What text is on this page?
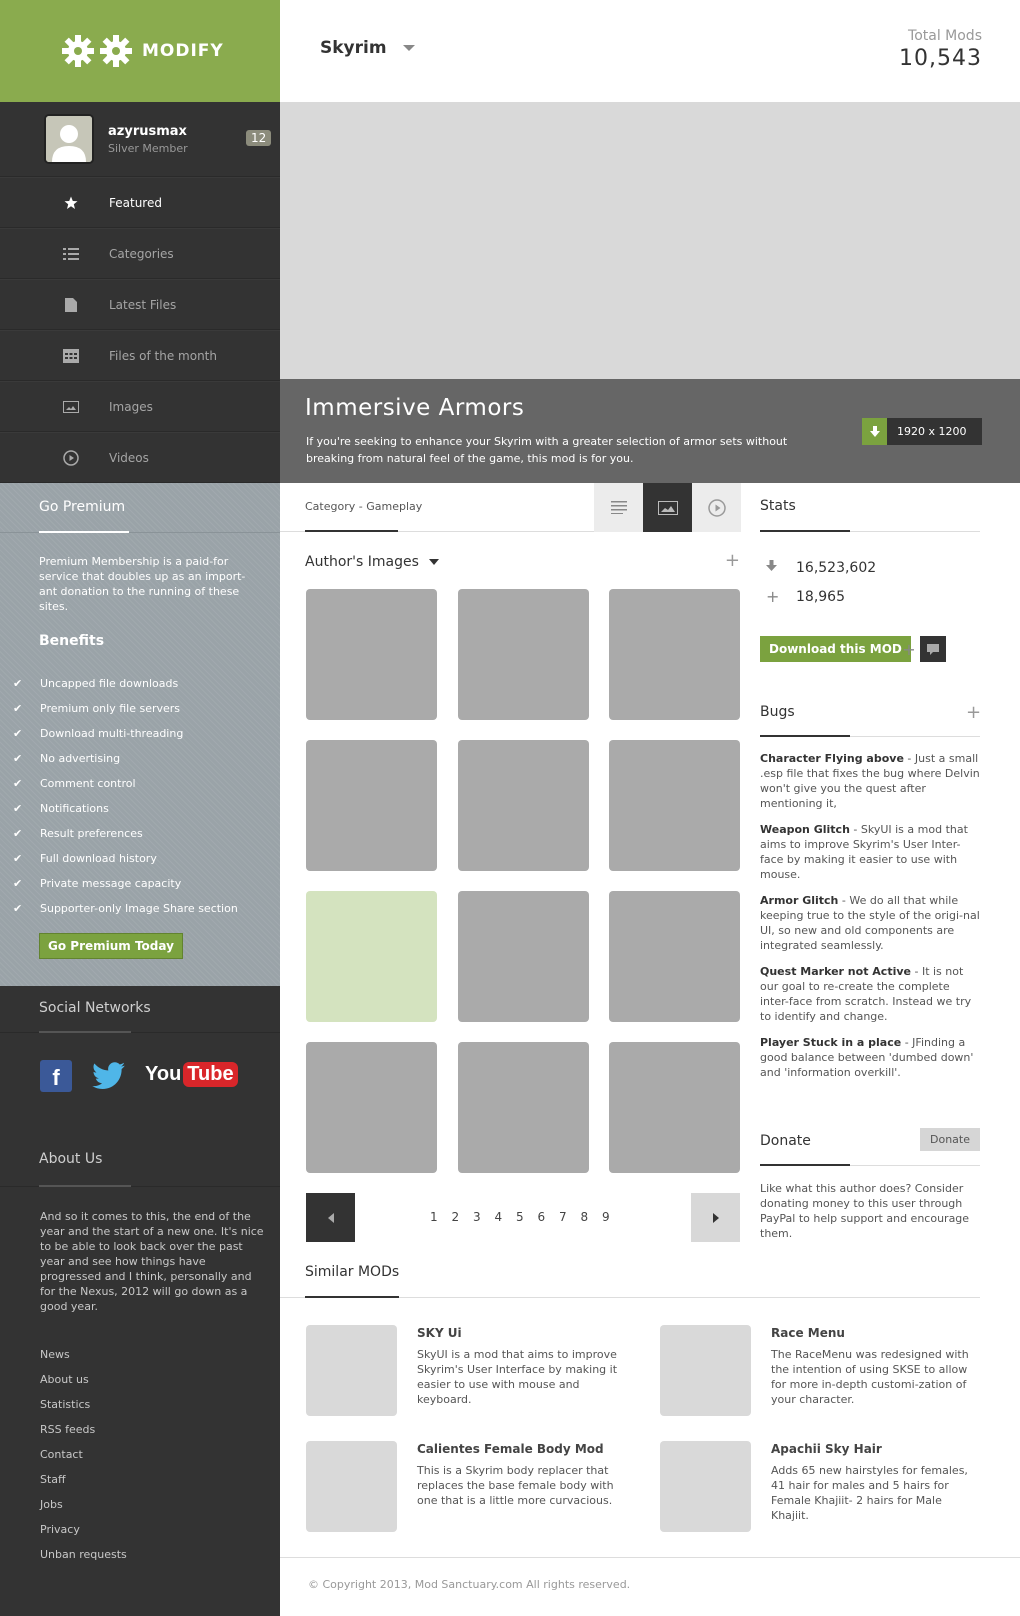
MODIFY
azyrusmax
Silver Member
12
Featured
Categories
Latest Files
Files of the month
Images
Videos
Go Premium
Premium Membership is a paid-for service that doubles up as an import-ant donation to the running of these sites.
Benefits
✔	Uncapped file downloads
✔	Premium only file servers
✔	Download multi-threading
✔	No advertising
✔	Comment control
✔	Notifications
✔	Result preferences
✔	Full download history
✔	Private message capacity
✔	Supporter-only Image Share section
Go Premium Today
Social Networks
f	You Tube
About Us
And so it comes to this, the end of the year and the start of a new one. It's nice to be able to look back over the past year and see how things have progressed and I think, personally and for the Nexus, 2012 will go down as a good year.
News
About us
Statistics
RSS feeds
Contact
Staff
Jobs
Privacy
Unban requests
Skyrim
Total Mods
10,543
Immersive Armors
If you're seeking to enhance your Skyrim with a greater selection of armor sets without breaking from natural feel of the game, this mod is for you.
1920 x 1200
Category - Gameplay
Author's Images	+
1	2	3	4	5	6	7	8	9
Stats
16,523,602
+	18,965
Download this MOD +
Bugs	+
Character Flying above - Just a small .esp file that fixes the bug where Delvin won't give you the quest after mentioning it,
Weapon Glitch - SkyUI is a mod that aims to improve Skyrim's User Inter-face by making it easier to use with mouse.
Armor Glitch - We do all that while keeping true to the style of the origi-nal UI, so new and old components are integrated seamlessly.
Quest Marker not Active - It is not our goal to re-create the complete inter-face from scratch. Instead we try to identify and change.
Player Stuck in a place - JFinding a good balance between 'dumbed down' and 'information overkill'.
Donate	Donate
Like what this author does? Consider donating money to this user through PayPal to help support and encourage them.
Similar MODs
SKY Ui
SkyUI is a mod that aims to improve Skyrim's User Interface by making it easier to use with mouse and keyboard.
Race Menu
The RaceMenu was redesigned with the intention of using SKSE to allow for more in-depth customi-zation of your character.
Calientes Female Body Mod
This is a Skyrim body replacer that replaces the base female body with one that is a little more curvacious.
Apachii Sky Hair
Adds 65 new hairstyles for females, 41 hair for males and 5 hairs for Female Khajiit- 2 hairs for Male Khajiit.
© Copyright 2013, Mod Sanctuary.com All rights reserved.
